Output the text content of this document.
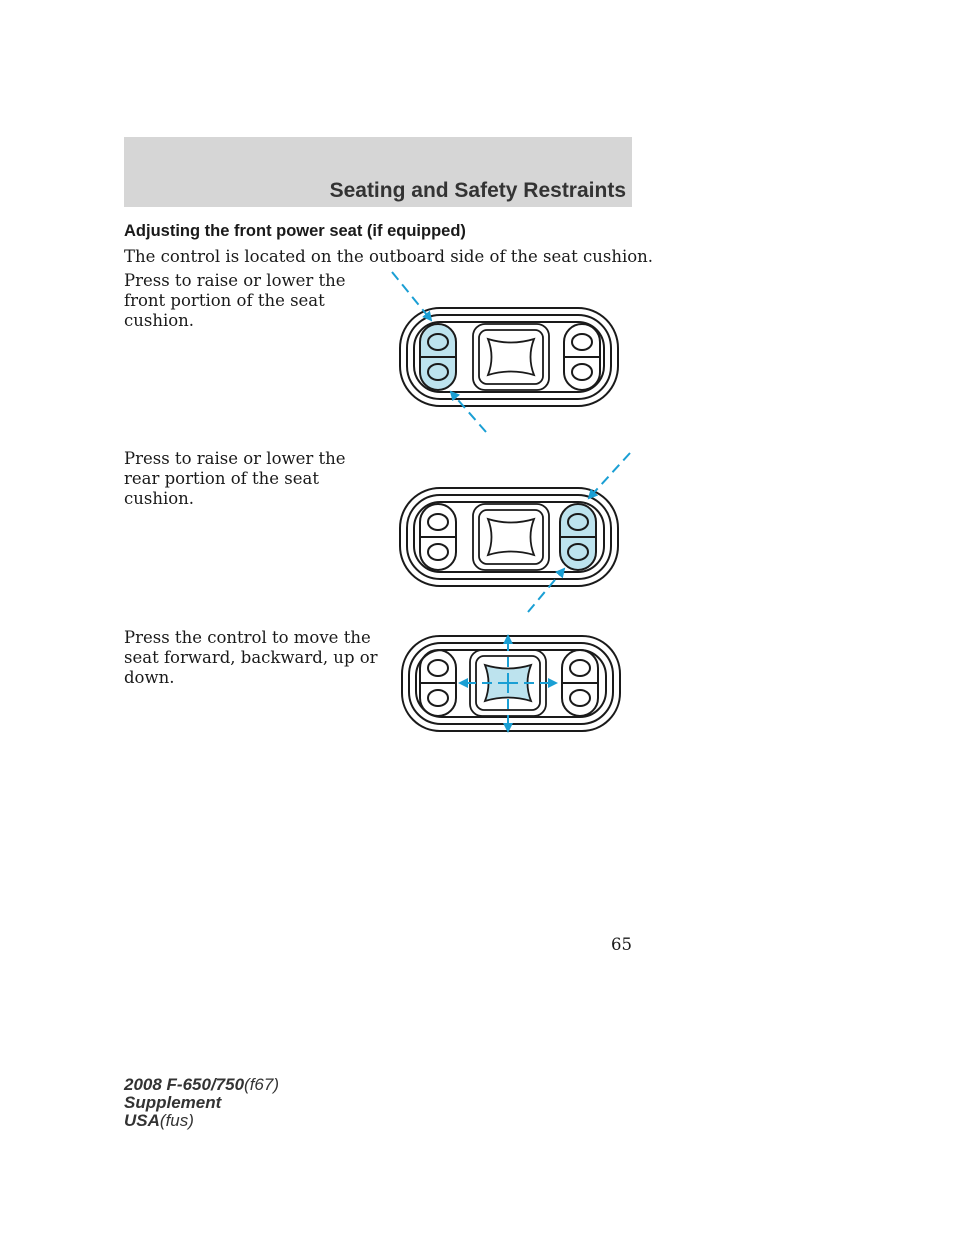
Seating and Safety Restraints
Adjusting the front power seat (if equipped)
The control is located on the outboard side of the seat cushion.
Press to raise or lower the front portion of the seat cushion.
Press to raise or lower the rear portion of the seat cushion.
Press the control to move the seat forward, backward, up or down.
65
2008 F-650/750(f67)
Supplement
USA(fus)
